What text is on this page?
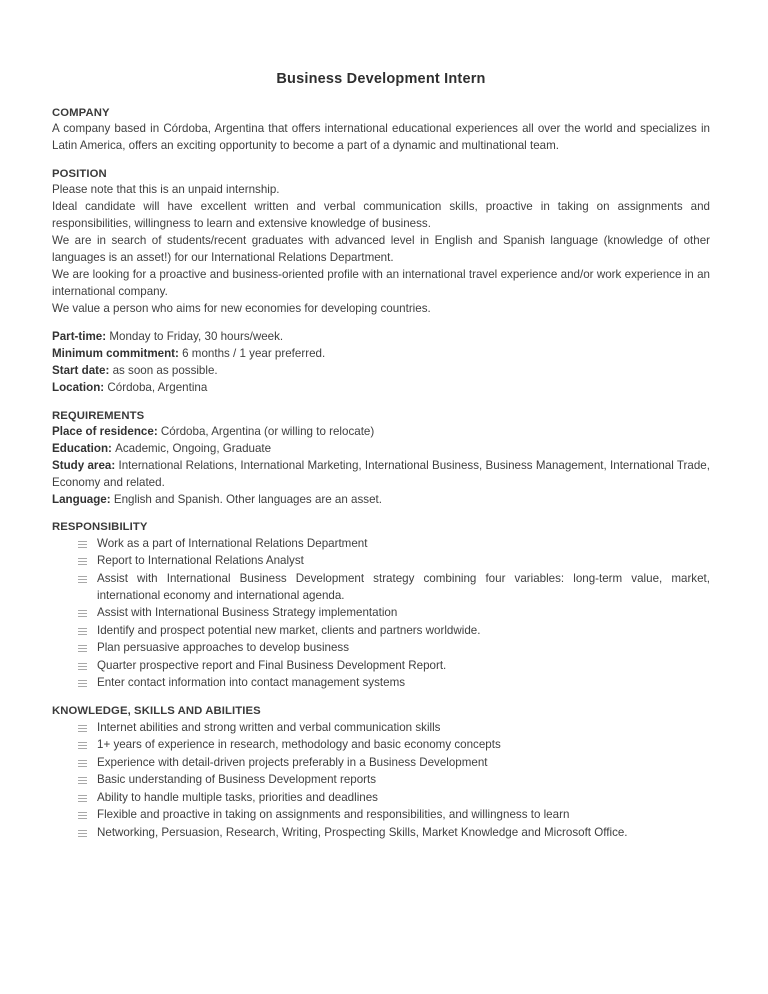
Business Development Intern
COMPANY

A company based in Córdoba, Argentina that offers international educational experiences all over the world and specializes in Latin America, offers an exciting opportunity to become a part of a dynamic and multinational team.

POSITION

Please note that this is an unpaid internship.

Ideal candidate will have excellent written and verbal communication skills, proactive in taking on assignments and responsibilities, willingness to learn and extensive knowledge of business.

We are in search of students/recent graduates with advanced level in English and Spanish language (knowledge of other languages is an asset!) for our International Relations Department.

We are looking for a proactive and business-oriented profile with an international travel experience and/or work experience in an international company.

We value a person who aims for new economies for developing countries.

Part-time: Monday to Friday, 30 hours/week.
Minimum commitment: 6 months / 1 year preferred.
Start date: as soon as possible.
Location: Córdoba, Argentina
REQUIREMENTS
Place of residence: Córdoba, Argentina (or willing to relocate)
Education: Academic, Ongoing, Graduate
Study area: International Relations, International Marketing, International Business, Business Management, International Trade, Economy and related.
Language: English and Spanish. Other languages are an asset.
RESPONSIBILITY
Work as a part of International Relations Department
Report to International Relations Analyst
Assist with International Business Development strategy combining four variables: long-term value, market, international economy and international agenda.
Assist with International Business Strategy implementation
Identify and prospect potential new market, clients and partners worldwide.
Plan persuasive approaches to develop business
Quarter prospective report and Final Business Development Report.
Enter contact information into contact management systems
KNOWLEDGE, SKILLS AND ABILITIES
Internet abilities and strong written and verbal communication skills
1+ years of experience in research, methodology and basic economy concepts
Experience with detail-driven projects preferably in a Business Development
Basic understanding of Business Development reports
Ability to handle multiple tasks, priorities and deadlines
Flexible and proactive in taking on assignments and responsibilities, and willingness to learn
Networking, Persuasion, Research, Writing, Prospecting Skills, Market Knowledge and Microsoft Office.
